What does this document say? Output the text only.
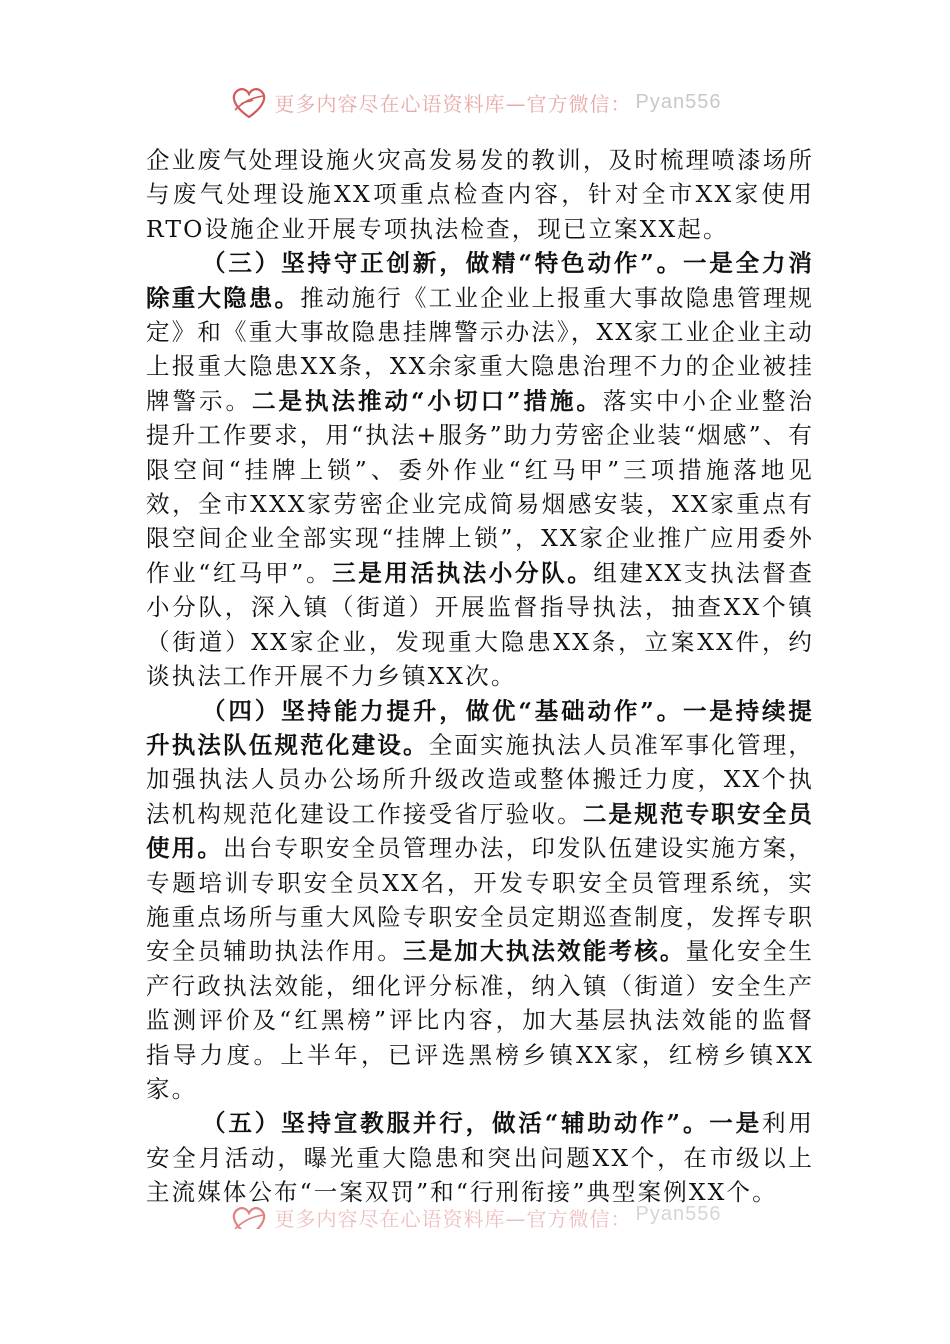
更多内容尽在心语资料库—官方微信： Pyan556

企业废气处理设施火灾高发易发的教训，及时梳理喷漆场所与废气处理设施XX项重点检查内容，针对全市XX家使用RTO设施企业开展专项执法检查，现已立案XX起。

（三）坚持守正创新，做精“特色动作”。一是全力消除重大隐患。推动施行《工业企业上报重大事故隐患管理规定》和《重大事故隐患挂牌警示办法》，XX家工业企业主动上报重大隐患XX条，XX余家重大隐患治理不力的企业被挂牌警示。二是执法推动“小切口”措施。落实中小企业整治提升工作要求，用“执法+服务”助力劳密企业装“烟感”、有限空间“挂牌上锁”、委外作业“红马甲”三项措施落地见效，全市XXX家劳密企业完成简易烟感安装，XX家重点有限空间企业全部实现“挂牌上锁”，XX家企业推广应用委外作业“红马甲”。三是用活执法小分队。组建XX支执法督查小分队，深入镇（街道）开展监督指导执法，抽查XX个镇（街道）XX家企业，发现重大隐患XX条，立案XX件，约谈执法工作开展不力乡镇XX次。

（四）坚持能力提升，做优“基础动作”。一是持续提升执法队伍规范化建设。全面实施执法人员准军事化管理，加强执法人员办公场所升级改造或整体搬迁力度，XX个执法机构规范化建设工作接受省厅验收。二是规范专职安全员使用。出台专职安全员管理办法，印发队伍建设实施方案，专题培训专职安全员XX名，开发专职安全员管理系统，实施重点场所与重大风险专职安全员定期巡查制度，发挥专职安全员辅助执法作用。三是加大执法效能考核。量化安全生产行政执法效能，细化评分标准，纳入镇（街道）安全生产监测评价及“红黑榜”评比内容，加大基层执法效能的监督指导力度。上半年，已评选黑榜乡镇XX家，红榜乡镇XX家。

（五）坚持宣教服并行，做活“辅助动作”。一是利用安全月活动，曝光重大隐患和突出问题XX个，在市级以上主流媒体公布“一案双罚”和“行刑衔接”典型案例XX个。

更多内容尽在心语资料库—官方微信： Pyan556
